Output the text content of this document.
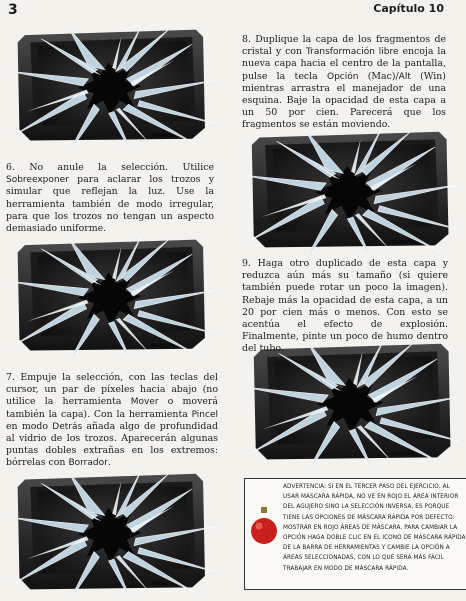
3	Capítulo 10

6. No anule la selección. Utilice Sobreexponer para aclarar los trozos y simular que reflejan la luz. Use la herramienta también de modo irregular, para que los trozos no tengan un aspecto demasiado uniforme.

7. Empuje la selección, con las teclas del cursor, un par de píxeles hacia abajo (no utilice la herramienta Mover o moverá también la capa). Con la herramienta Pincel en modo Detrás añada algo de profundidad al vidrio de los trozos. Aparecerán algunas puntas dobles extrañas en los extremos: bórrelas con Borrador.

8. Duplique la capa de los fragmentos de cristal y con Transformación libre encoja la nueva capa hacia el centro de la pantalla, pulse la tecla Opción (Mac)/Alt (Win) mientras arrastra el manejador de una esquina. Baje la opacidad de esta capa a un 50 por cien. Parecerá que los fragmentos se están moviendo.

9. Haga otro duplicado de esta capa y reduzca aún más su tamaño (si quiere también puede rotar un poco la imagen). Rebaje más la opacidad de esta capa, a un 20 por cien más o menos. Con esto se acentúa el efecto de explosión. Finalmente, pinte un poco de humo dentro del tubo.

ADVERTENCIA: SI EN EL TERCER PASO DEL EJERCICIO, AL USAR MÁSCARA RÁPIDA, NO VE EN ROJO EL ÁREA INTERIOR DEL AGUJERO SINO LA SELECCIÓN INVERSA, ES PORQUE TIENE LAS OPCIONES DE MÁSCARA RÁPIDA POR DEFECTO: MOSTRAR EN ROJO ÁREAS DE MÁSCARA. PARA CAMBIAR LA OPCIÓN HAGA DOBLE CLIC EN EL ICONO DE MÁSCARA RÁPIDA DE LA BARRA DE HERRAMIENTAS Y CAMBIE LA OPCIÓN A ÁREAS SELECCIONADAS, CON LO QUE SERÁ MÁS FÁCIL TRABAJAR EN MODO DE MÁSCARA RÁPIDA.
